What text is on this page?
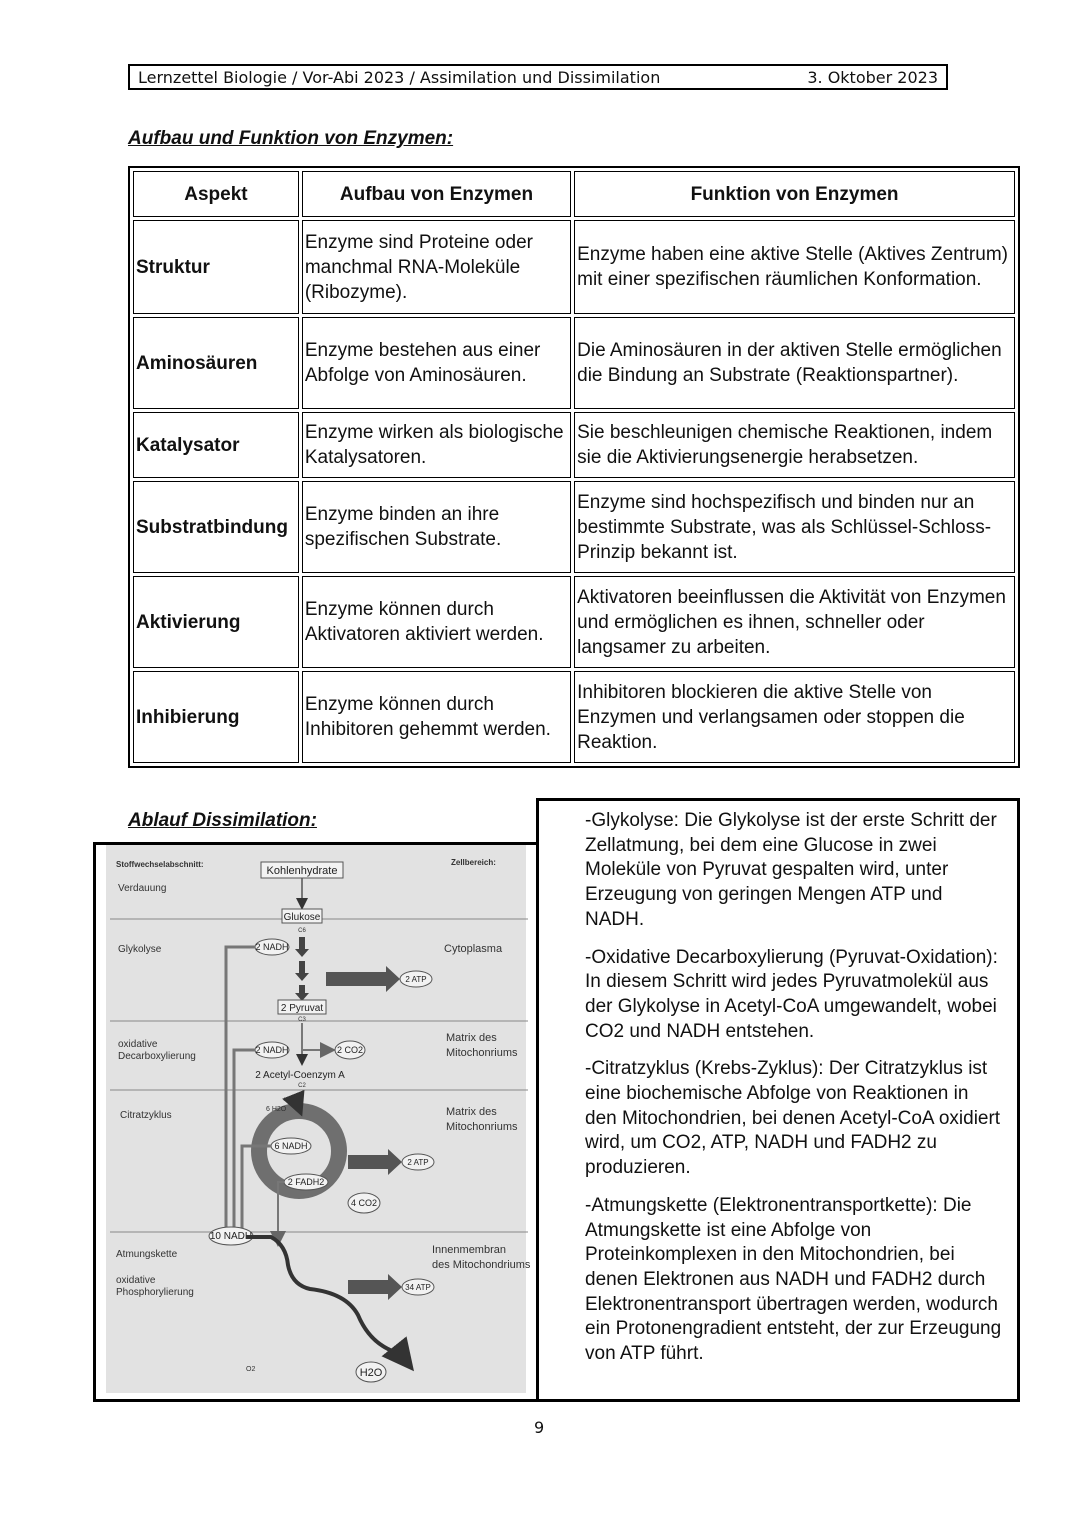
Lernzettel Biologie / Vor-Abi 2023 / Assimilation und Dissimilation	3. Oktober 2023
Aufbau und Funktion von Enzymen:
Aspekt	Aufbau von Enzymen	Funktion von Enzymen
Struktur	Enzyme sind Proteine oder manchmal RNA-Moleküle (Ribozyme).	Enzyme haben eine aktive Stelle (Aktives Zentrum) mit einer spezifischen räumlichen Konformation.
Aminosäuren	Enzyme bestehen aus einer Abfolge von Aminosäuren.	Die Aminosäuren in der aktiven Stelle ermöglichen die Bindung an Substrate (Reaktionspartner).
Katalysator	Enzyme wirken als biologische Katalysatoren.	Sie beschleunigen chemische Reaktionen, indem sie die Aktivierungsenergie herabsetzen.
Substratbindung	Enzyme binden an ihre spezifischen Substrate.	Enzyme sind hochspezifisch und binden nur an bestimmte Substrate, was als Schlüssel-Schloss-Prinzip bekannt ist.
Aktivierung	Enzyme können durch Aktivatoren aktiviert werden.	Aktivatoren beeinflussen die Aktivität von Enzymen und ermöglichen es ihnen, schneller oder langsamer zu arbeiten.
Inhibierung	Enzyme können durch Inhibitoren gehemmt werden.	Inhibitoren blockieren die aktive Stelle von Enzymen und verlangsamen oder stoppen die Reaktion.
Ablauf Dissimilation:
Stoffwechselabschnitt:	Zellbereich:
Verdauung
Glykolyse
oxidative
Decarboxylierung
Citratzyklus
Atmungskette
oxidative
Phosphorylierung
Cytoplasma
Matrix des
Mitochonriums
Matrix des
Mitochonriums
Innenmembran
des Mitochondriums
Kohlenhydrate
Glukose
C6
2 NADH
2 ATP
2 Pyruvat
C3
2 NADH	2 CO2
2 Acetyl-Coenzym A
C2
6 H2O
6 NADH
2 FADH2
4 CO2
2 ATP
10 NADH
34 ATP
O2	H2O

-Glykolyse: Die Glykolyse ist der erste Schritt der Zellatmung, bei dem eine Glucose in zwei Moleküle von Pyruvat gespalten wird, unter Erzeugung von geringen Mengen ATP und NADH.

-Oxidative Decarboxylierung (Pyruvat-Oxidation): In diesem Schritt wird jedes Pyruvatmolekül aus der Glykolyse in Acetyl-CoA umgewandelt, wobei CO2 und NADH entstehen.

-Citratzyklus (Krebs-Zyklus): Der Citratzyklus ist eine biochemische Abfolge von Reaktionen in den Mitochondrien, bei denen Acetyl-CoA oxidiert wird, um CO2, ATP, NADH und FADH2 zu produzieren.

-Atmungskette (Elektronentransportkette): Die Atmungskette ist eine Abfolge von Proteinkomplexen in den Mitochondrien, bei denen Elektronen aus NADH und FADH2 durch Elektronentransport übertragen werden, wodurch ein Protonengradient entsteht, der zur Erzeugung von ATP führt.

9
